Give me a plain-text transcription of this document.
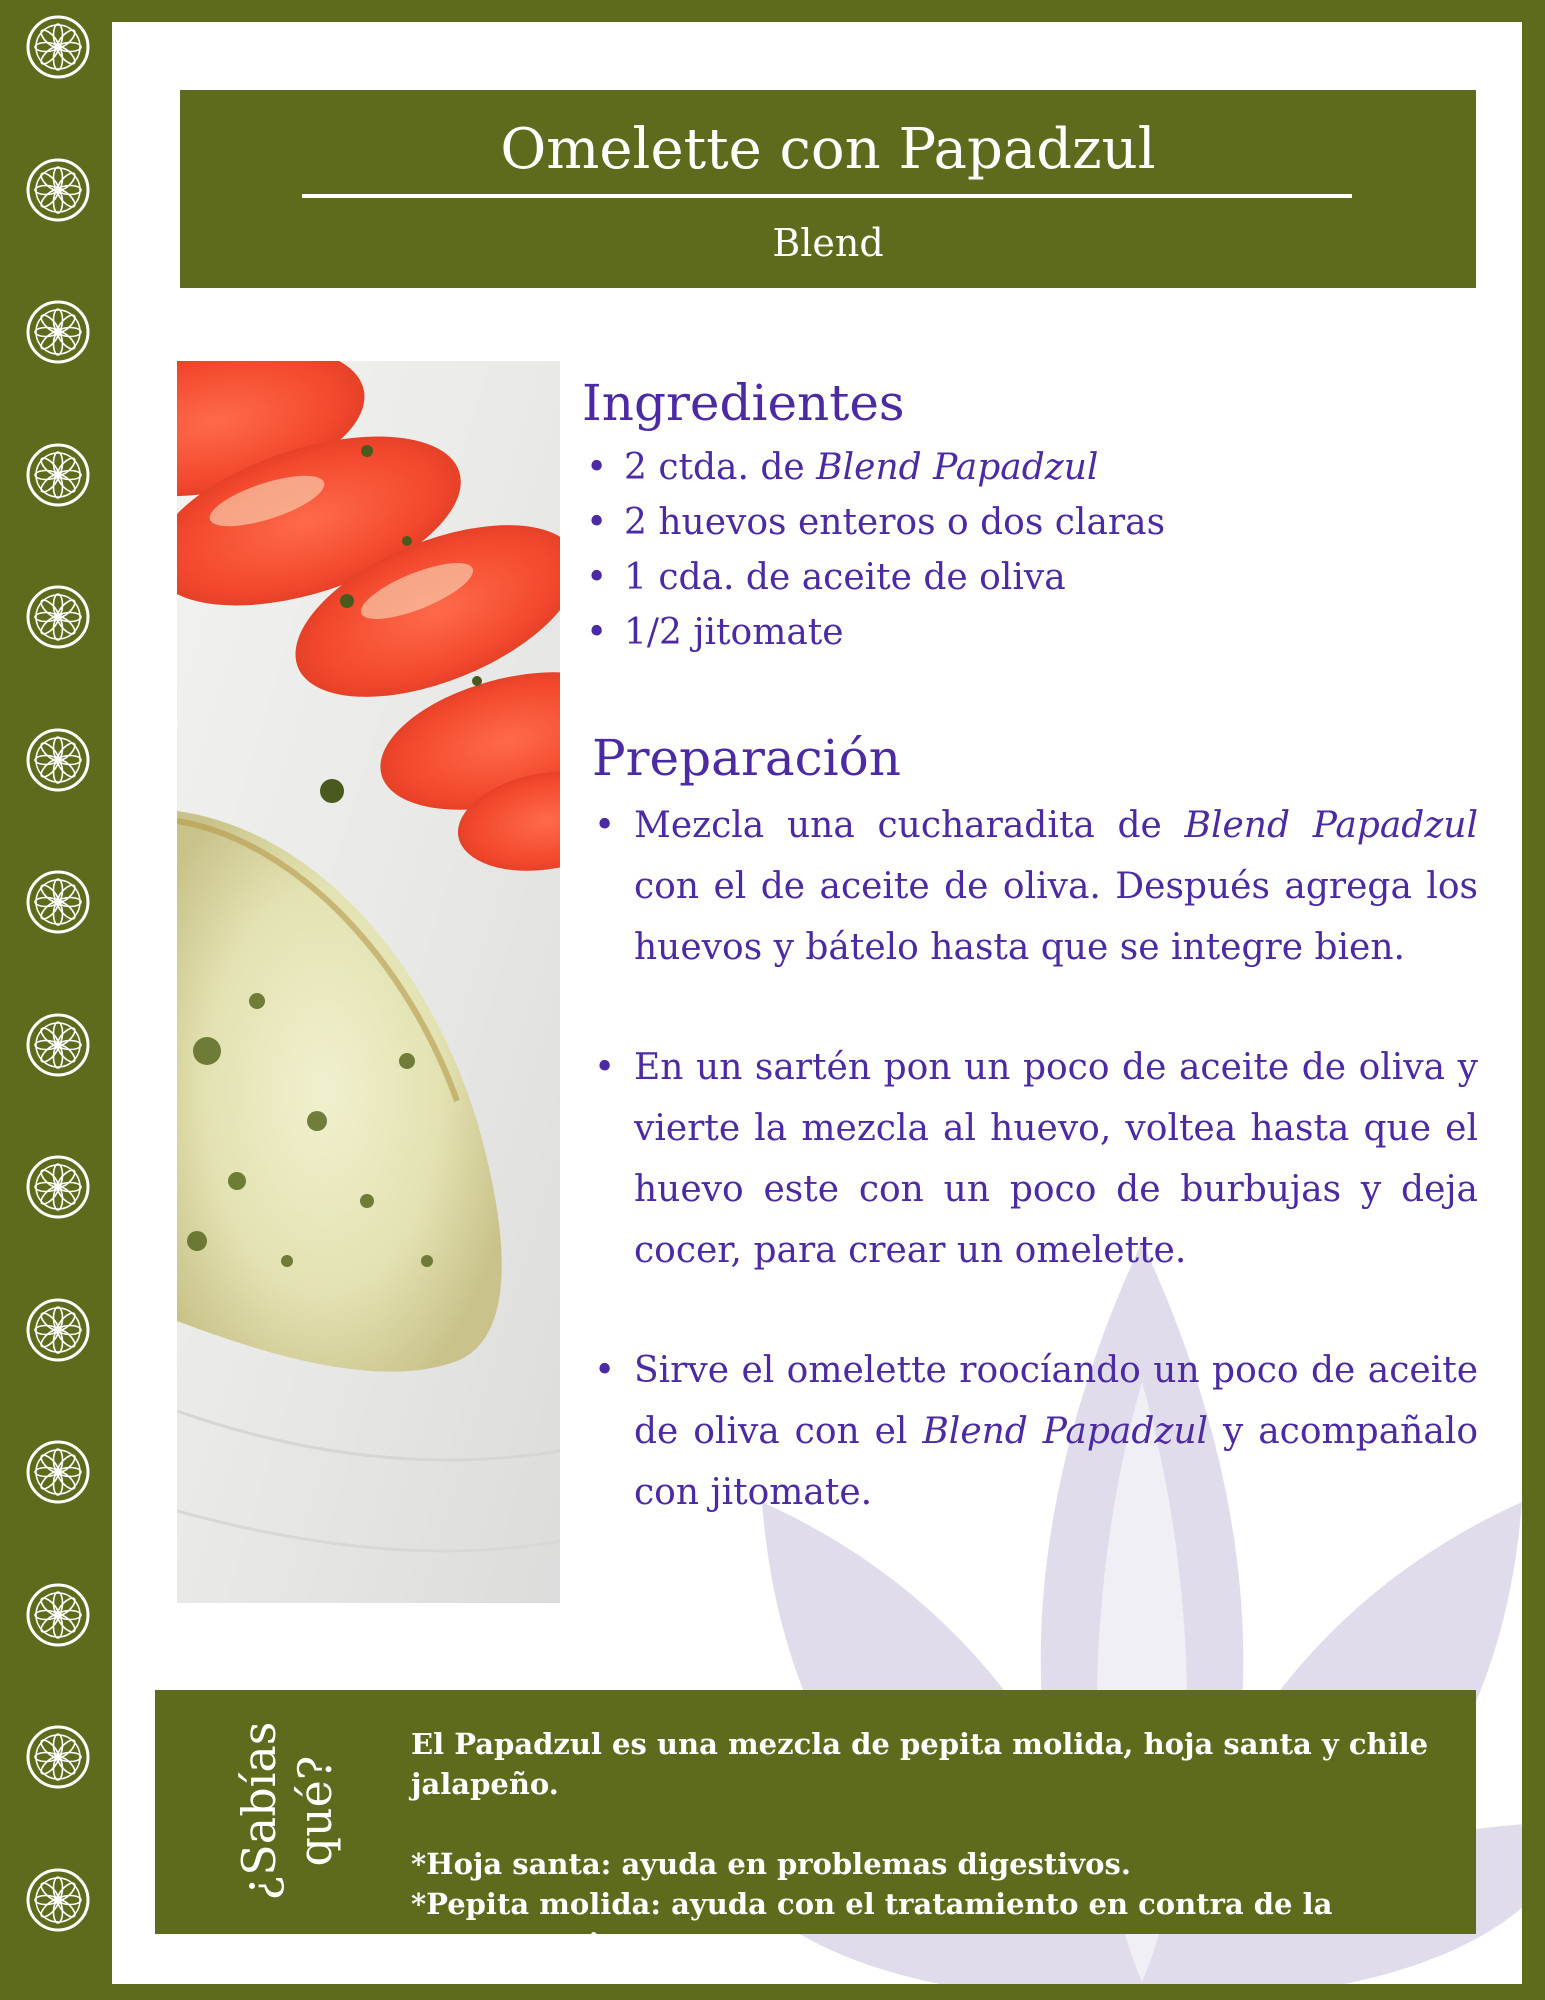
Omelette con Papadzul
Blend
Ingredientes
• 2 ctda. de Blend Papadzul
• 2 huevos enteros o dos claras
• 1 cda. de aceite de oliva
• 1/2 jitomate
Preparación
• Mezcla una cucharadita de Blend Papadzul con el de aceite de oliva. Después agrega los huevos y bátelo hasta que se integre bien.
• En un sartén pon un poco de aceite de oliva y vierte la mezcla al huevo, voltea hasta que el huevo este con un poco de burbujas y deja cocer, para crear un omelette.
• Sirve el omelette roocíando un poco de aceite de oliva con el Blend Papadzul y acompañalo con jitomate.
¿Sabías qué?

El Papadzul es una mezcla de pepita molida, hoja santa y chile jalapeño.

*Hoja santa: ayuda en problemas digestivos.

*Pepita molida: ayuda con el tratamiento en contra de la osteoporosis.
